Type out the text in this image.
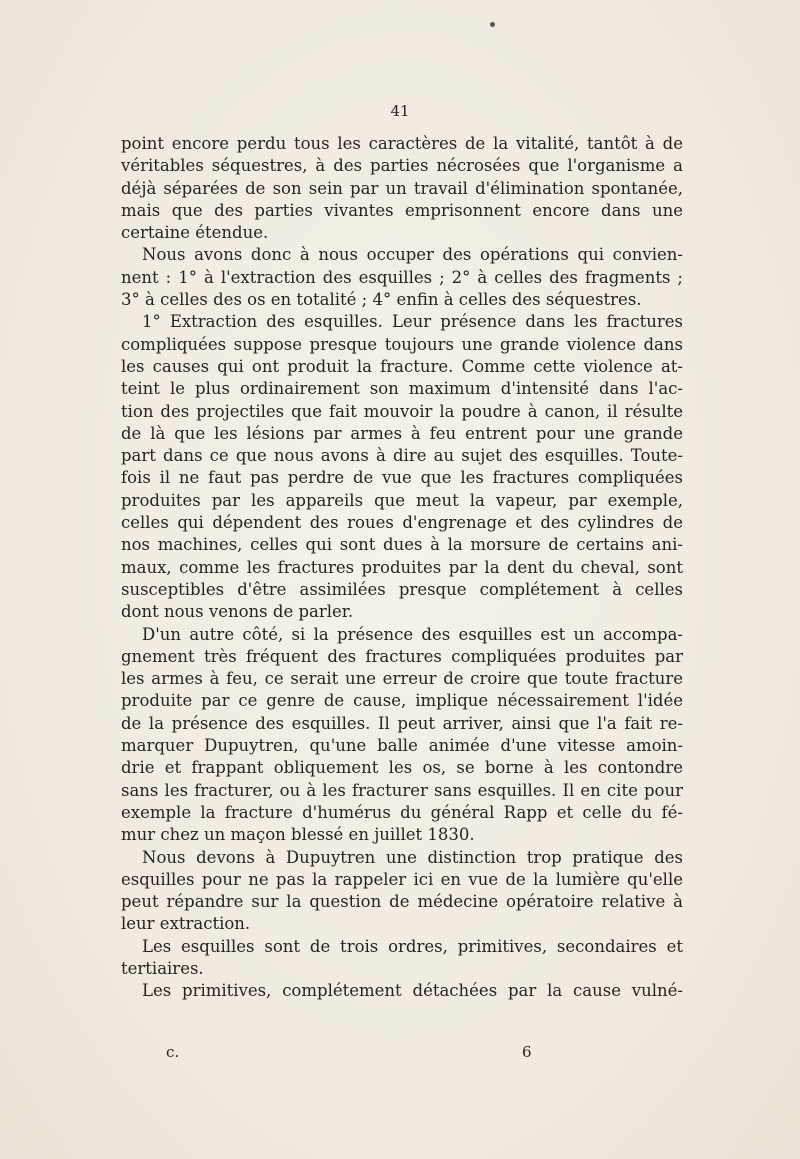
41
point encore perdu tous les caractères de la vitalité, tantôt à de
véritables séquestres, à des parties nécrosées que l'organisme a
déjà séparées de son sein par un travail d'élimination spontanée,
mais que des parties vivantes emprisonnent encore dans une
certaine étendue.
Nous avons donc à nous occuper des opérations qui convien-
nent : 1° à l'extraction des esquilles ; 2° à celles des fragments ;
3° à celles des os en totalité ; 4° enfin à celles des séquestres.
1° Extraction des esquilles. Leur présence dans les fractures
compliquées suppose presque toujours une grande violence dans
les causes qui ont produit la fracture. Comme cette violence at-
teint le plus ordinairement son maximum d'intensité dans l'ac-
tion des projectiles que fait mouvoir la poudre à canon, il résulte
de là que les lésions par armes à feu entrent pour une grande
part dans ce que nous avons à dire au sujet des esquilles. Toute-
fois il ne faut pas perdre de vue que les fractures compliquées
produites par les appareils que meut la vapeur, par exemple,
celles qui dépendent des roues d'engrenage et des cylindres de
nos machines, celles qui sont dues à la morsure de certains ani-
maux, comme les fractures produites par la dent du cheval, sont
susceptibles d'être assimilées presque complétement à celles
dont nous venons de parler.
D'un autre côté, si la présence des esquilles est un accompa-
gnement très fréquent des fractures compliquées produites par
les armes à feu, ce serait une erreur de croire que toute fracture
produite par ce genre de cause, implique nécessairement l'idée
de la présence des esquilles. Il peut arriver, ainsi que l'a fait re-
marquer Dupuytren, qu'une balle animée d'une vitesse amoin-
drie et frappant obliquement les os, se borne à les contondre
sans les fracturer, ou à les fracturer sans esquilles. Il en cite pour
exemple la fracture d'humérus du général Rapp et celle du fé-
mur chez un maçon blessé en juillet 1830.
Nous devons à Dupuytren une distinction trop pratique des
esquilles pour ne pas la rappeler ici en vue de la lumière qu'elle
peut répandre sur la question de médecine opératoire relative à
leur extraction.
Les esquilles sont de trois ordres, primitives, secondaires et
tertiaires.
Les primitives, complétement détachées par la cause vulné-
c.	6
